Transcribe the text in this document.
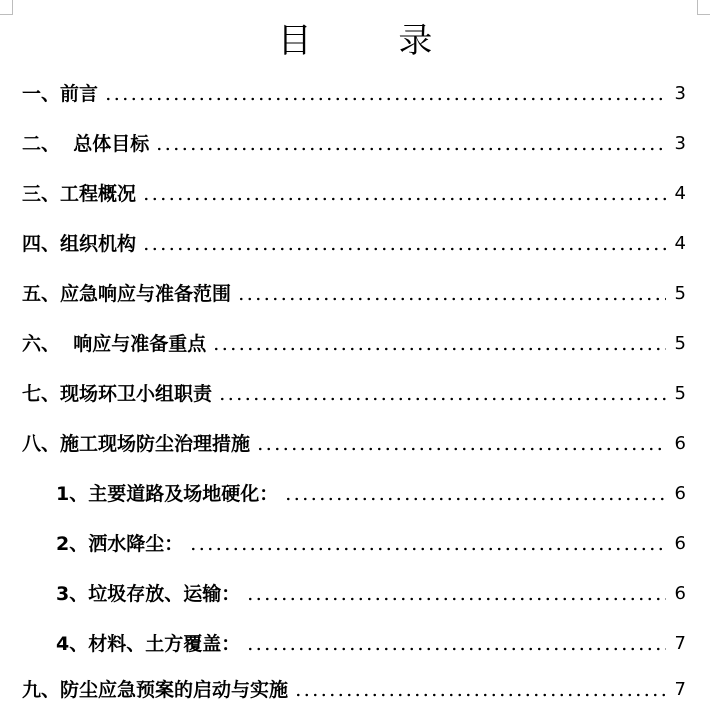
目 录
一、前言	3
二、  总体目标	3
三、工程概况	4
四、组织机构	4
五、应急响应与准备范围	5
六、  响应与准备重点	5
七、现场环卫小组职责	5
八、施工现场防尘治理措施	6
1、主要道路及场地硬化：	6
2、洒水降尘：	6
3、垃圾存放、运输：	6
4、材料、土方覆盖：	7
九、防尘应急预案的启动与实施	7
